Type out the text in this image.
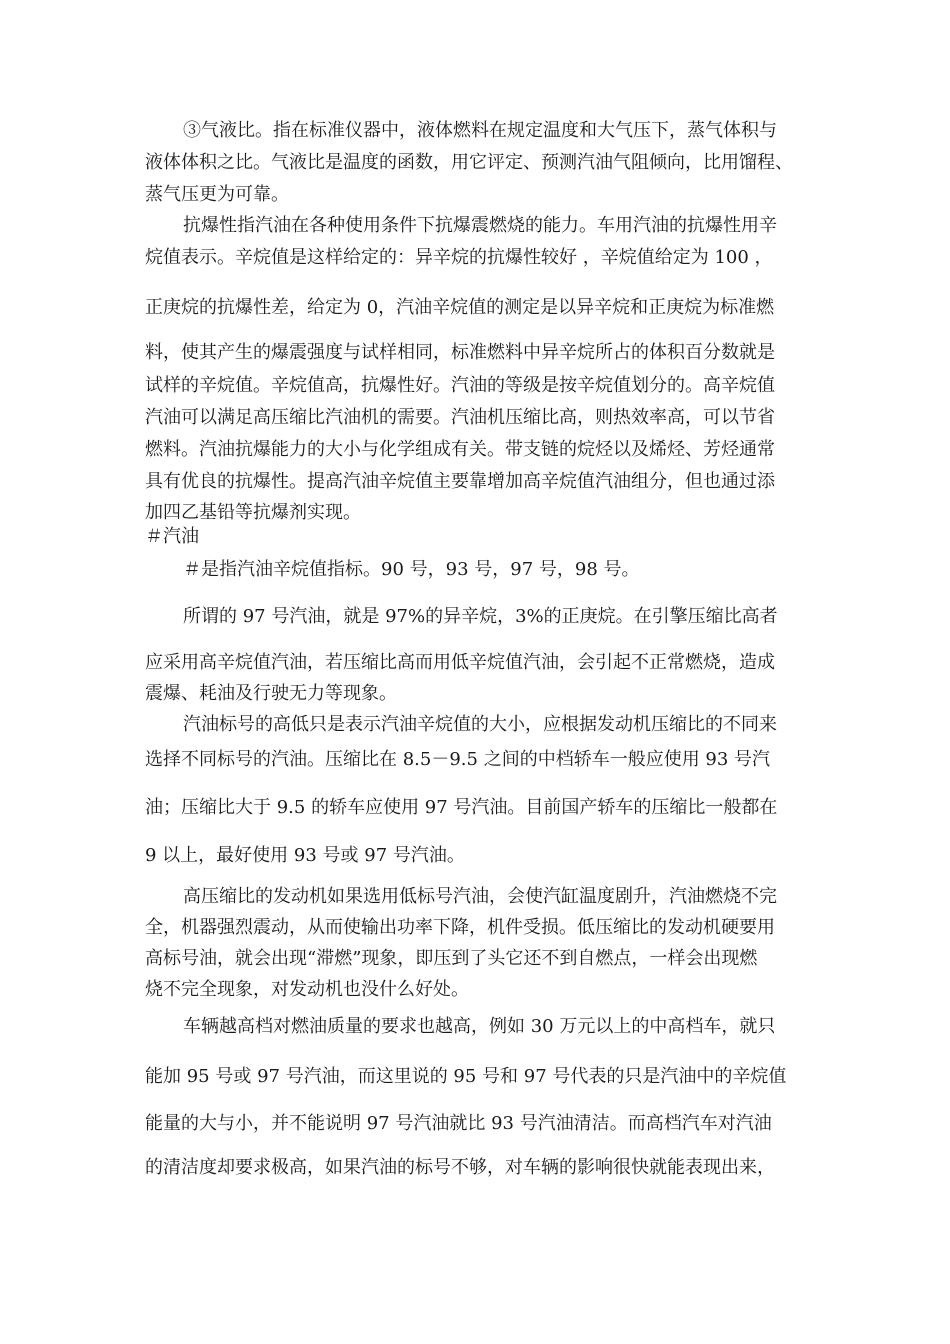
③气液比。指在标准仪器中，液体燃料在规定温度和大气压下，蒸气体积与
液体体积之比。气液比是温度的函数，用它评定、预测汽油气阻倾向，比用馏程、
蒸气压更为可靠。
抗爆性指汽油在各种使用条件下抗爆震燃烧的能力。车用汽油的抗爆性用辛
烷值表示。辛烷值是这样给定的：异辛烷的抗爆性较好 ，辛烷值给定为 100 ，
正庚烷的抗爆性差，给定为 0，汽油辛烷值的测定是以异辛烷和正庚烷为标准燃
料，使其产生的爆震强度与试样相同，标准燃料中异辛烷所占的体积百分数就是
试样的辛烷值。辛烷值高，抗爆性好。汽油的等级是按辛烷值划分的。高辛烷值
汽油可以满足高压缩比汽油机的需要。汽油机压缩比高，则热效率高，可以节省
燃料。汽油抗爆能力的大小与化学组成有关。带支链的烷烃以及烯烃、芳烃通常
具有优良的抗爆性。提高汽油辛烷值主要靠增加高辛烷值汽油组分，但也通过添
加四乙基铅等抗爆剂实现。
＃汽油
＃是指汽油辛烷值指标。90 号，93 号，97 号，98 号。
所谓的 97 号汽油，就是 97%的异辛烷，3%的正庚烷。在引擎压缩比高者
应采用高辛烷值汽油，若压缩比高而用低辛烷值汽油，会引起不正常燃烧，造成
震爆、耗油及行驶无力等现象。
汽油标号的高低只是表示汽油辛烷值的大小，应根据发动机压缩比的不同来
选择不同标号的汽油。压缩比在 8.5－9.5 之间的中档轿车一般应使用 93 号汽
油；压缩比大于 9.5 的轿车应使用 97 号汽油。目前国产轿车的压缩比一般都在
9 以上，最好使用 93 号或 97 号汽油。
高压缩比的发动机如果选用低标号汽油，会使汽缸温度剧升，汽油燃烧不完
全，机器强烈震动，从而使输出功率下降，机件受损。低压缩比的发动机硬要用
高标号油，就会出现“滞燃”现象，即压到了头它还不到自燃点，一样会出现燃
烧不完全现象，对发动机也没什么好处。
车辆越高档对燃油质量的要求也越高，例如 30 万元以上的中高档车，就只
能加 95 号或 97 号汽油，而这里说的 95 号和 97 号代表的只是汽油中的辛烷值
能量的大与小，并不能说明 97 号汽油就比 93 号汽油清洁。而高档汽车对汽油
的清洁度却要求极高，如果汽油的标号不够，对车辆的影响很快就能表现出来，
